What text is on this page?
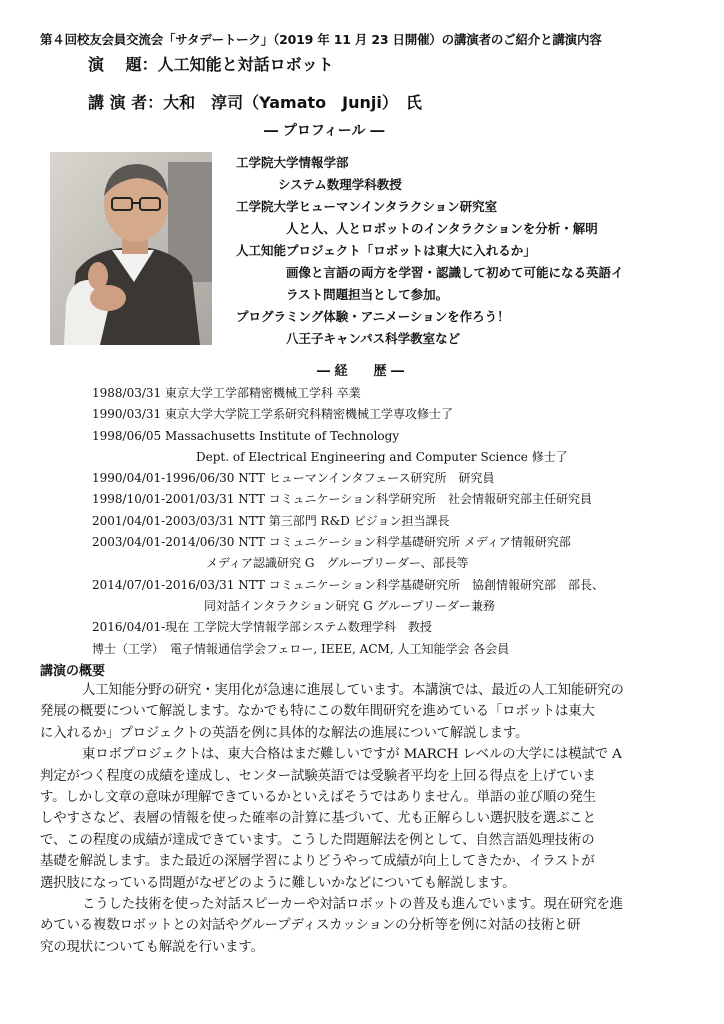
第４回校友会員交流会「サタデートーク」（2019 年 11 月 23 日開催）の講演者のご紹介と講演内容
演　 題：人工知能と対話ロボット
講 演 者：大和　淳司（Yamato　Junji）　氏
― プロフィール ―
工学院大学情報学部
システム数理学科教授
工学院大学ヒューマンインタラクション研究室
人と人、人とロボットのインタラクションを分析・解明
人工知能プロジェクト「ロボットは東大に入れるか」
画像と言語の両方を学習・認識して初めて可能になる英語イ
ラスト問題担当として参加。
プログラミング体験・アニメーションを作ろう！
八王子キャンパス科学教室など
― 経　　歴 ―
1988/03/31 東京大学工学部精密機械工学科 卒業
1990/03/31 東京大学大学院工学系研究科精密機械工学専攻修士了
1998/06/05 Massachusetts Institute of Technology
Dept. of Electrical Engineering and Computer Science 修士了
1990/04/01-1996/06/30 NTT ヒューマンインタフェース研究所　研究員
1998/10/01-2001/03/31 NTT コミュニケーション科学研究所　社会情報研究部主任研究員
2001/04/01-2003/03/31 NTT 第三部門 R&D ビジョン担当課長
2003/04/01-2014/06/30 NTT コミュニケーション科学基礎研究所 メディア情報研究部
メディア認識研究 G　グループリーダー、部長等
2014/07/01-2016/03/31 NTT コミュニケーション科学基礎研究所　協創情報研究部　部長、
同対話インタラクション研究 G グループリーダー兼務
2016/04/01-現在 工学院大学情報学部システム数理学科　教授
博士（工学）　電子情報通信学会フェロー, IEEE, ACM, 人工知能学会 各会員
講演の概要
人工知能分野の研究・実用化が急速に進展しています。本講演では、最近の人工知能研究の
発展の概要について解説します。なかでも特にこの数年間研究を進めている「ロボットは東大
に入れるか」プロジェクトの英語を例に具体的な解法の進展について解説します。
東ロボプロジェクトは、東大合格はまだ難しいですが MARCH レベルの大学には模試で A
判定がつく程度の成績を達成し、センター試験英語では受験者平均を上回る得点を上げていま
す。しかし文章の意味が理解できているかといえばそうではありません。単語の並び順の発生
しやすさなど、表層の情報を使った確率の計算に基づいて、尤も正解らしい選択肢を選ぶこと
で、この程度の成績が達成できています。こうした問題解法を例として、自然言語処理技術の
基礎を解説します。また最近の深層学習によりどうやって成績が向上してきたか、イラストが
選択肢になっている問題がなぜどのように難しいかなどについても解説します。
こうした技術を使った対話スピーカーや対話ロボットの普及も進んでいます。現在研究を進
めている複数ロボットとの対話やグループディスカッションの分析等を例に対話の技術と研
究の現状についても解説を行います。
